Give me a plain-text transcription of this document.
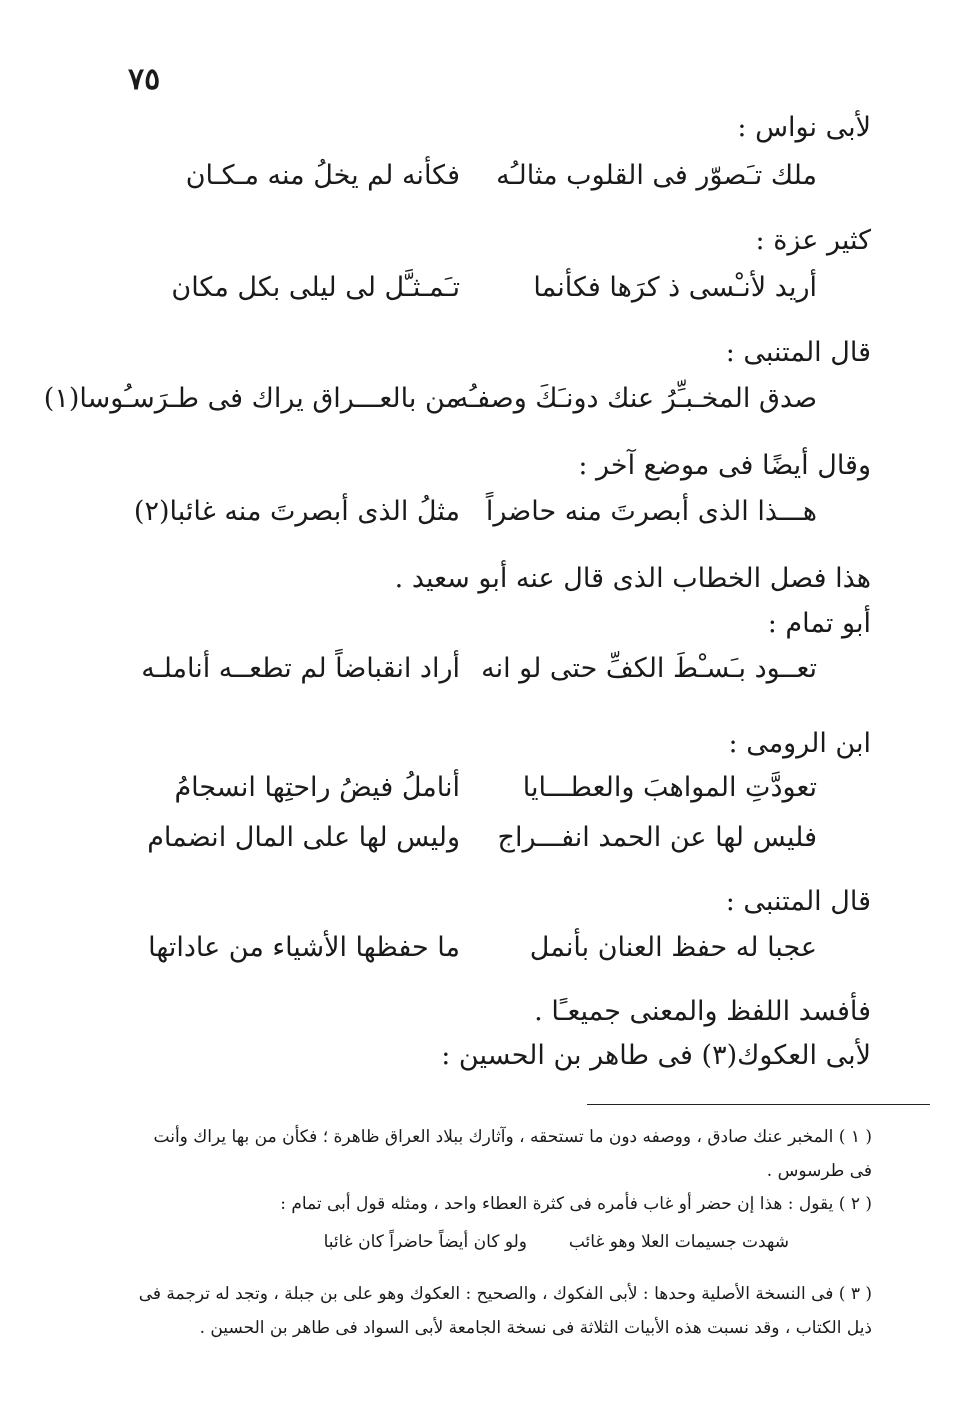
٧٥
لأبى نواس :
ملك تـَصوّر فى القلوب مثالـُه
فكأنه لم يخلُ منه مـكـان
كثير عزة :
أريد لأنـْسى ذ كرَها فكأنما
تـَمـثـَّل لى ليلى بكل مكان
قال المتنبى :
صدق المخـبـِّرُ عنك دونـَكَ وصفـُه
من بالعـــراق يراك فى طـرَسـُوسا(١)
وقال أيضًا فى موضع آخر :
هـــذا الذى أبصرتَ منه حاضراً
مثلُ الذى أبصرتَ منه غائبا(٢)
هذا فصل الخطاب الذى قال عنه أبو سعيد .
أبو تمام :
تعــود بـَسـْطَ الكفِّ حتى لو انه
أراد انقباضاً لم تطعــه أناملـه
ابن الرومى :
تعودَّتِ المواهبَ والعطـــايا
أناملُ فيضُ راحتِها انسجامُ
فليس لها عن الحمد انفـــراج
وليس لها على المال انضمام
قال المتنبى :
عجبا له حفظ العنان بأنمل
ما حفظها الأشياء من عاداتها
فأفسد اللفظ والمعنى جميعـًا .
لأبى العكوك(٣) فى طاهر بن الحسين :
( ١ ) المخبر عنك صادق ، ووصفه دون ما تستحقه ، وآثارك ببلاد العراق ظاهرة ؛ فكأن من بها يراك وأنت فى طرسوس .
( ٢ ) يقول : هذا إن حضر أو غاب فأمره فى كثرة العطاء واحد ، ومثله قول أبى تمام :
شهدت جسيمات العلا وهو غائب
ولو كان أيضاً حاضراً كان غائبا
( ٣ ) فى النسخة الأصلية وحدها : لأبى الفكوك ، والصحيح : العكوك وهو على بن جبلة ، وتجد له ترجمة فى ذيل الكتاب ، وقد نسبت هذه الأبيات الثلاثة فى نسخة الجامعة لأبى السواد فى طاهر بن الحسين .
